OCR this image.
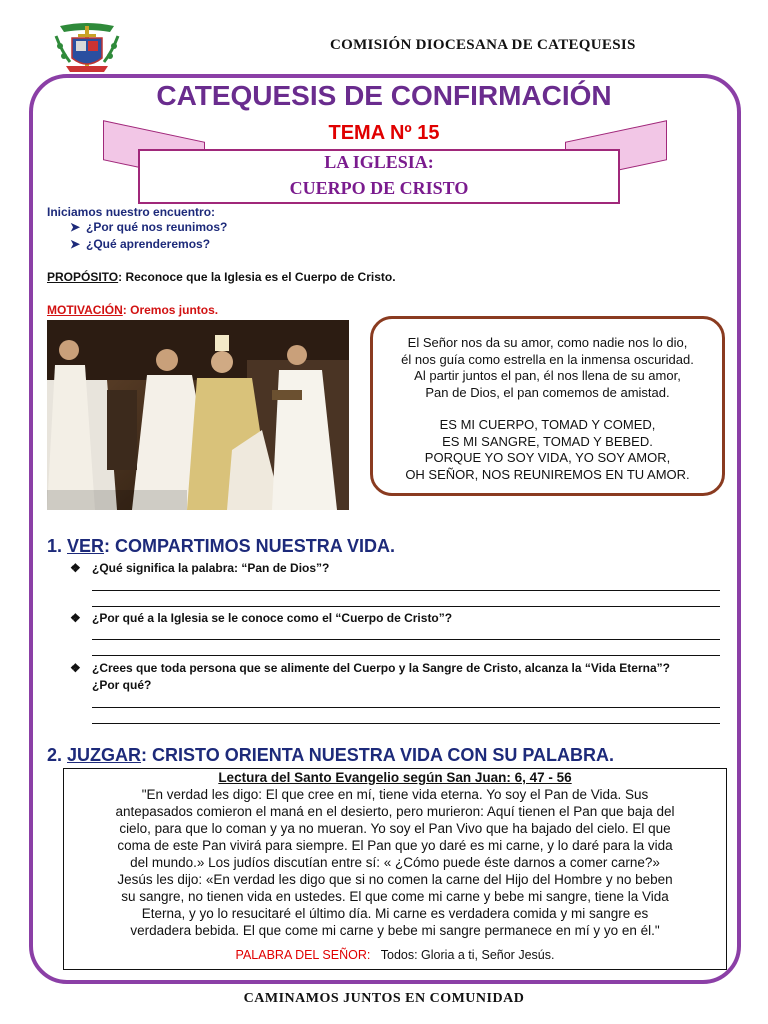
COMISIÓN DIOCESANA DE CATEQUESIS
CATEQUESIS DE CONFIRMACIÓN
TEMA Nº 15
LA IGLESIA:
CUERPO DE CRISTO
Iniciamos nuestro encuentro:
➤ ¿Por qué nos reunimos?
➤ ¿Qué aprenderemos?
PROPÓSITO: Reconoce que la Iglesia es el Cuerpo de Cristo.
MOTIVACIÓN: Oremos juntos.
El Señor nos da su amor, como nadie nos lo dio,
él nos guía como estrella en la inmensa oscuridad.
Al partir juntos el pan, él nos llena de su amor,
Pan de Dios, el pan comemos de amistad.
ES MI CUERPO, TOMAD Y COMED,
ES MI SANGRE, TOMAD Y BEBED.
PORQUE YO SOY VIDA, YO SOY AMOR,
OH SEÑOR, NOS REUNIREMOS EN TU AMOR.
1. VER: COMPARTIMOS NUESTRA VIDA.
❖ ¿Qué significa la palabra: “Pan de Dios”?
❖ ¿Por qué a la Iglesia se le conoce como el “Cuerpo de Cristo”?
❖ ¿Crees que toda persona que se alimente del Cuerpo y la Sangre de Cristo, alcanza la “Vida Eterna”?
¿Por qué?
2. JUZGAR: CRISTO ORIENTA NUESTRA VIDA CON SU PALABRA.
Lectura del Santo Evangelio según San Juan: 6, 47 - 56
"En verdad les digo: El que cree en mí, tiene vida eterna. Yo soy el Pan de Vida. Sus
antepasados comieron el maná en el desierto, pero murieron: Aquí tienen el Pan que baja del
cielo, para que lo coman y ya no mueran. Yo soy el Pan Vivo que ha bajado del cielo. El que
coma de este Pan vivirá para siempre. El Pan que yo daré es mi carne, y lo daré para la vida
del mundo.» Los judíos discutían entre sí: « ¿Cómo puede éste darnos a comer carne?»
Jesús les dijo: «En verdad les digo que si no comen la carne del Hijo del Hombre y no beben
su sangre, no tienen vida en ustedes. El que come mi carne y bebe mi sangre, tiene la Vida
Eterna, y yo lo resucitaré el último día. Mi carne es verdadera comida y mi sangre es
verdadera bebida. El que come mi carne y bebe mi sangre permanece en mí y yo en él."
PALABRA DEL SEÑOR: Todos: Gloria a ti, Señor Jesús.
CAMINAMOS JUNTOS EN COMUNIDAD
